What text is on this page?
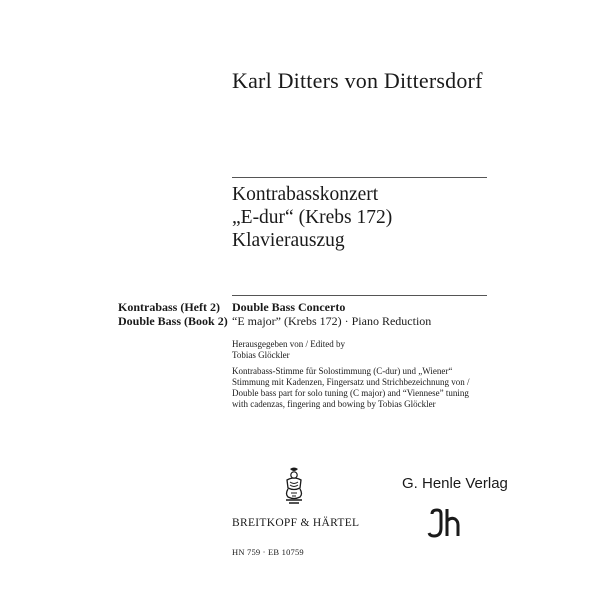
Karl Ditters von Dittersdorf
Kontrabasskonzert
„E-dur“ (Krebs 172)
Klavierauszug
Kontrabass (Heft 2)
Double Bass (Book 2)
Double Bass Concerto
“E major” (Krebs 172) · Piano Reduction
Herausgegeben von / Edited by
Tobias Glöckler
Kontrabass-Stimme für Solostimmung (C-dur) und „Wiener“
Stimmung mit Kadenzen, Fingersatz und Strichbezeichnung von /
Double bass part for solo tuning (C major) and “Viennese” tuning
with cadenzas, fingering and bowing by Tobias Glöckler
BREITKOPF & HÄRTEL
G. Henle Verlag
HN 759 · EB 10759
